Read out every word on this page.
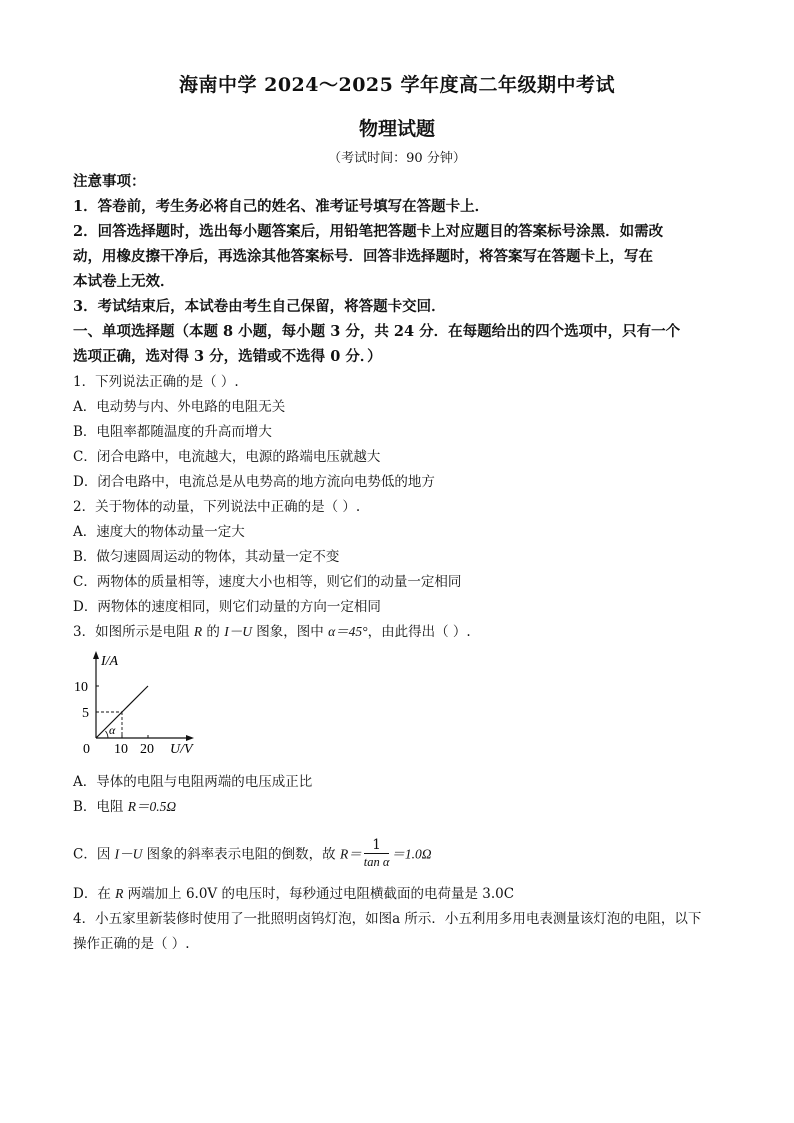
海南中学 2024～2025 学年度高二年级期中考试
物理试题
（考试时间：90 分钟）
注意事项：
1．答卷前，考生务必将自己的姓名、准考证号填写在答题卡上．
2．回答选择题时，选出每小题答案后，用铅笔把答题卡上对应题目的答案标号涂黑．如需改
动，用橡皮擦干净后，再选涂其他答案标号．回答非选择题时，将答案写在答题卡上，写在
本试卷上无效．
3．考试结束后，本试卷由考生自己保留，将答题卡交回．
一、单项选择题（本题 8 小题，每小题 3 分，共 24 分．在每题给出的四个选项中，只有一个
选项正确，选对得 3 分，选错或不选得 0 分．）
1．下列说法正确的是（ ）.
A．电动势与内、外电路的电阻无关
B．电阻率都随温度的升高而增大
C．闭合电路中，电流越大，电源的路端电压就越大
D．闭合电路中，电流总是从电势高的地方流向电势低的地方
2．关于物体的动量，下列说法中正确的是（ ）.
A．速度大的物体动量一定大
B．做匀速圆周运动的物体，其动量一定不变
C．两物体的质量相等，速度大小也相等，则它们的动量一定相同
D．两物体的速度相同，则它们动量的方向一定相同
3．如图所示是电阻 R 的 I－U 图象，图中 α＝45°，由此得出（ ）.
I/A
U/V
0 10 20
5
10
α
A．导体的电阻与电阻两端的电压成正比
B．电阻 R＝0.5Ω
C．因 I－U 图象的斜率表示电阻的倒数，故 $R= \frac{1}{\text{tan α}} =1.0\Omega$
D．在 R 两端加上 6.0V 的电压时，每秒通过电阻横截面的电荷量是 3.0C
4．小五家里新装修时使用了一批照明卤钨灯泡，如图a 所示．小五利用多用电表测量该灯泡的电阻，以下
操作正确的是（ ）.
